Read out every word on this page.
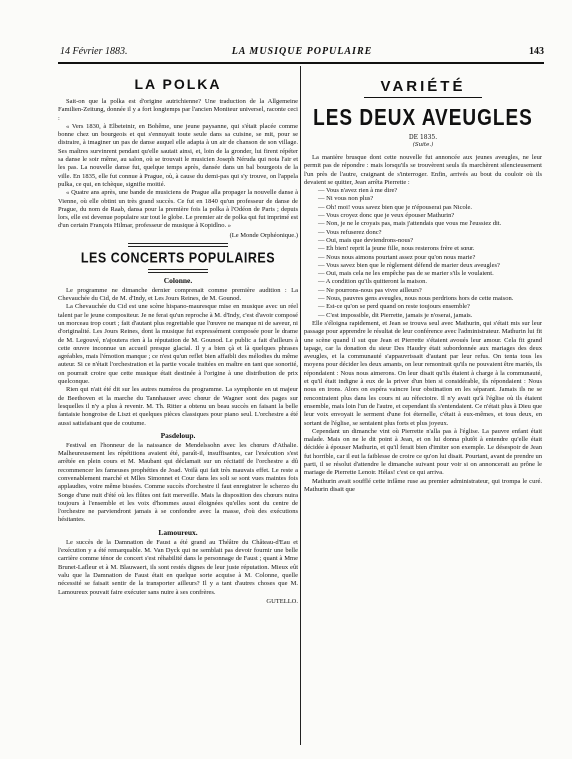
14 Février 1883.	LA MUSIQUE POPULAIRE	143
LA POLKA

Sait-on que la polka est d'origine autrichienne? Une traduction de la Allgemeine Familien-Zeitung, donnée il y a fort longtemps par l'ancien Moniteur universel, raconte ceci :

« Vers 1830, à Elbeteinir, en Bohême, une jeune paysanne, qui s'était placée comme bonne chez un bourgeois et qui s'ennuyait toute seule dans sa cuisine, se mit, pour se distraire, à imaginer un pas de danse auquel elle adapta à un air de chanson de son village. Ses maîtres survinrent pendant qu'elle sautait ainsi, et, loin de la gronder, lui firent répéter sa danse le soir même, au salon, où se trouvait le musicien Joseph Néruda qui nota l'air et les pas. La nouvelle danse fut, quelque temps après, dansée dans un bal bourgeois de la ville. En 1835, elle fut connue à Prague, où, à cause du demi-pas qui s'y trouve, on l'appela pulka, ce qui, en tchèque, signifie moitié.

« Quatre ans après, une bande de musiciens de Prague alla propager la nouvelle danse à Vienne, où elle obtint un très grand succès. Ce fut en 1840 qu'un professeur de danse de Prague, du nom de Raab, dansa pour la première fois la polka à l'Odéon de Paris ; depuis lors, elle est devenue populaire sur tout le globe. Le premier air de polka qui fut imprimé est d'un certain François Hilmar, professeur de musique à Kopidlno. »

(Le Monde Orphéonique.)
LES CONCERTS POPULAIRES
Colonne.

Le programme ne dimanche dernier comprenait comme première audition : La Chevauchée du Cid, de M. d'Indy, et Les Jours Reines, de M. Gounod.

La Chevauchée du Cid est une scène hispano-mauresque mise en musique avec un réel talent par le jeune compositeur. Je ne ferai qu'un reproche à M. d'Indy, c'est d'avoir composé un morceau trop court ; fait d'autant plus regrettable que l'œuvre ne manque ni de saveur, ni d'originalité. Les Jours Reines, dont la musique fut expressément composée pour le drame de M. Legouvé, n'ajoutera rien à la réputation de M. Gounod. Le public a fait d'ailleurs à cette œuvre inconnue un accueil presque glacial. Il y a bien çà et là quelques phrases agréables, mais l'émotion manque ; ce n'est qu'un reflet bien affaibli des mélodies du même auteur. Si ce n'était l'orchestration et la partie vocale traitées en maître en tant que sonorité, on pourrait croire que cette musique était destinée à l'origine à une distribution de prix quelconque.

Rien qui n'ait été dit sur les autres numéros du programme. La symphonie en ut majeur de Beethoven et la marche du Tannhauser avec chœur de Wagner sont des pages sur lesquelles il n'y a plus à revenir. M. Th. Ritter a obtenu un beau succès en faisant la belle fantaisie hongroise de Liszt et quelques pièces classiques pour piano seul. L'orchestre a été aussi satisfaisant que de coutume.

Pasdeloup.

Festival en l'honneur de la naissance de Mendelssohn avec les chœurs d'Athalie. Malheureusement les répétitions avaient été, paraît-il, insuffisantes, car l'exécution s'est arrêtée en plein cours et M. Maubant qui déclamait sur un récitatif de l'orchestre a dû recommencer les fameuses prophéties de Joad. Voilà qui fait très mauvais effet. Le reste a convenablement marché et Mlles Simonnet et Cour dans les soli se sont vues maintes fois applaudies, voire même bissées. Comme succès d'orchestre il faut enregistrer le scherzo du Songe d'une nuit d'été où les flûtes ont fait merveille. Mais la disposition des chœurs nuira toujours à l'ensemble et les voix d'hommes aussi éloignées qu'elles sont du centre de l'orchestre ne parviendront jamais à se confondre avec la masse, d'où des exécutions hésitantes.

Lamoureux.

Le succès de la Damnation de Faust a été grand au Théâtre du Château-d'Eau et l'exécution y a été remarquable. M. Van Dyck qui ne semblait pas devoir fournir une belle carrière comme ténor de concert s'est réhabilité dans le personnage de Faust ; quant à Mme Brunet-Lafleur et à M. Blauwaert, ils sont restés dignes de leur juste réputation. Mieux eût valu que la Damnation de Faust était en quelque sorte acquise à M. Colonne, quelle nécessité se faisait sentir de la transporter ailleurs? Il y a tant d'autres choses que M. Lamoureux pouvait faire exécuter sans nuire à ses confrères.

GUTELLO.
VARIÉTÉ
LES DEUX AVEUGLES
DE 1835.
(Suite.)

La manière brusque dont cette nouvelle fut annoncée aux jeunes aveugles, ne leur permit pas de répondre : mais lorsqu'ils se trouvèrent seuls ils marchèrent silencieusement l'un près de l'autre, craignant de s'interroger. Enfin, arrivés au bout du couloir où ils devaient se quitter, Jean arrêta Pierrette :

— Vous n'avez rien à me dire?

— Ni vous non plus?

— Oh! moi! vous savez bien que je n'épouserai pas Nicole.

— Vous croyez donc que je veux épouser Mathurin?

— Non, je ne le croyais pas, mais j'attendais que vous me l'eussiez dit.

— Vous refuserez donc?

— Oui, mais que deviendrons-nous?

— Eh bien! reprit la jeune fille, nous resterons frère et sœur.

— Nous nous aimons pourtant assez pour qu'on nous marie?

— Vous savez bien que le règlement défend de marier deux aveugles?

— Oui, mais cela ne les empêche pas de se marier s'ils le voulaient.

— A condition qu'ils quitteront la maison.

— Ne pourrons-nous pas vivre ailleurs?

— Nous, pauvres gens aveugles, nous nous perdrions hors de cette maison.

— Est-ce qu'on se perd quand on reste toujours ensemble?

— C'est impossible, dit Pierrette, jamais je n'oserai, jamais.

Elle s'éloigna rapidement, et Jean se trouva seul avec Mathurin, qui s'était mis sur leur passage pour apprendre le résultat de leur conférence avec l'administrateur. Mathurin lui fit une scène quand il sut que Jean et Pierrette s'étaient avoués leur amour. Cela fit grand tapage, car la donation du sieur Des Haudry était subordonnée aux mariages des deux aveugles, et la communauté s'appauvrissait d'autant par leur refus. On tenta tous les moyens pour décider les deux amants, on leur remontrait qu'ils ne pouvaient être mariés, ils répondaient : Nous nous aimerons. On leur disait qu'ils étaient à charge à la communauté, et qu'il était indigne à eux de la priver d'un bien si considérable, ils répondaient : Nous nous en irons. Alors on espéra vaincre leur obstination en les séparant. Jamais ils ne se rencontraient plus dans les cours ni au réfectoire. Il n'y avait qu'à l'église où ils étaient ensemble, mais loin l'un de l'autre, et cependant ils s'entendaient. Ce n'était plus à Dieu que leur voix envoyait le serment d'une foi éternelle, c'était à eux-mêmes, et tous deux, en sortant de l'église, se sentaient plus forts et plus joyeux.

Cependant un dimanche vint où Pierrette n'alla pas à l'église. La pauvre enfant était malade. Mais on ne le dit point à Jean, et on lui donna plutôt à entendre qu'elle était décidée à épouser Mathurin, et qu'il ferait bien d'imiter son exemple. Le désespoir de Jean fut horrible, car il eut la faiblesse de croire ce qu'on lui disait. Pourtant, avant de prendre un parti, il se résolut d'attendre le dimanche suivant pour voir si on annoncerait au prône le mariage de Pierrette Lenoir. Hélas! c'est ce qui arriva.

Mathurin avait soufflé cette infâme ruse au premier administrateur, qui trompa le curé. Mathurin disait que
